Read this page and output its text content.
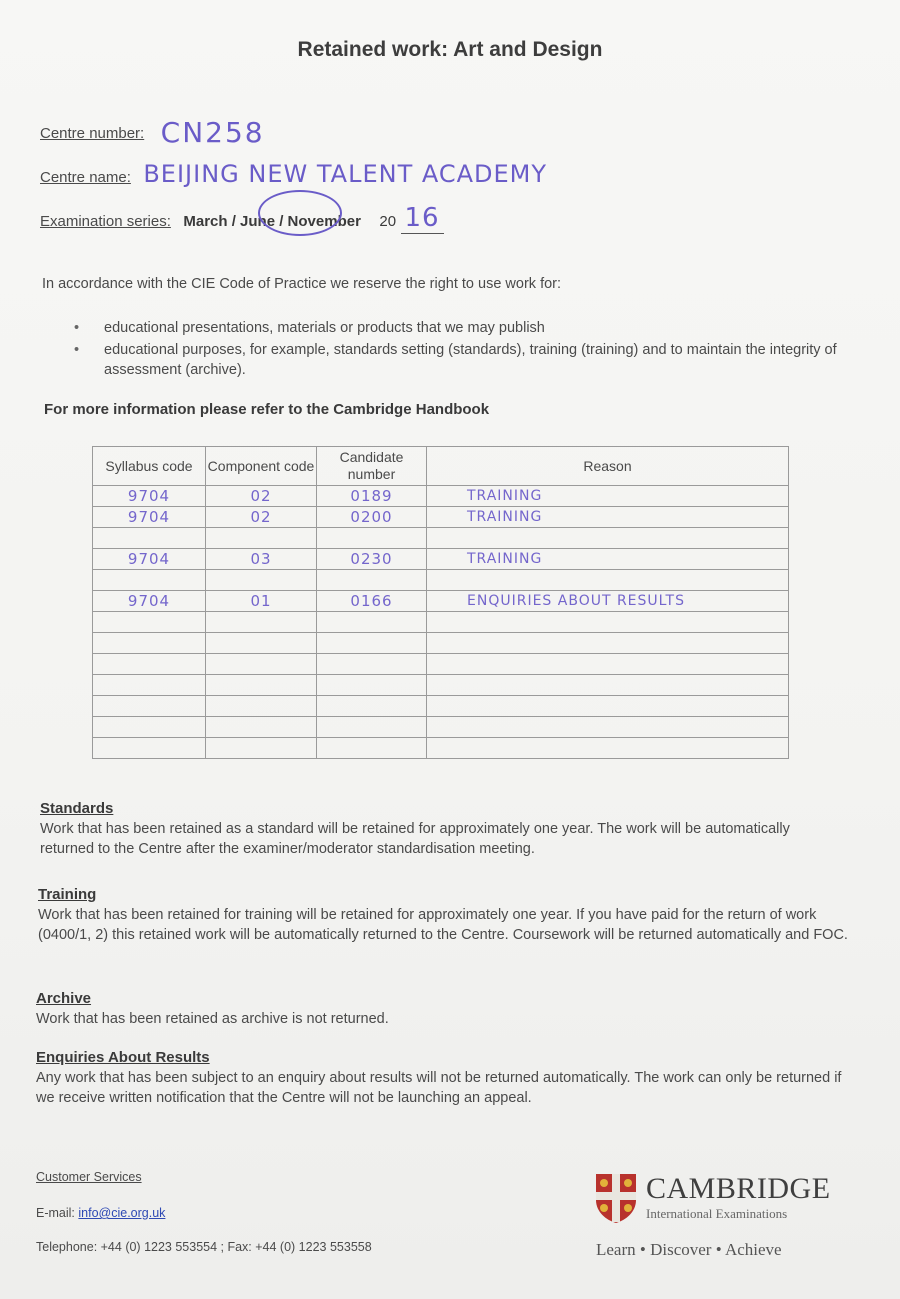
Retained work: Art and Design
Centre number: CN258
Centre name: BEIJING NEW TALENT ACADEMY
Examination series: March / June / November 20 16
In accordance with the CIE Code of Practice we reserve the right to use work for:
• educational presentations, materials or products that we may publish
• educational purposes, for example, standards setting (standards), training (training) and to maintain the integrity of assessment (archive).
For more information please refer to the Cambridge Handbook
Syllabus code	Component code	Candidate number	Reason
9704	02	0189	TRAINING
9704	02	0200	TRAINING

9704	03	0230	TRAINING

9704	01	0166	ENQUIRIES ABOUT RESULTS

Standards
Work that has been retained as a standard will be retained for approximately one year. The work will be automatically returned to the Centre after the examiner/moderator standardisation meeting.
Training
Work that has been retained for training will be retained for approximately one year. If you have paid for the return of work (0400/1, 2) this retained work will be automatically returned to the Centre. Coursework will be returned automatically and FOC.
Archive
Work that has been retained as archive is not returned.
Enquiries About Results
Any work that has been subject to an enquiry about results will not be returned automatically. The work can only be returned if we receive written notification that the Centre will not be launching an appeal.
Customer Services
E-mail: info@cie.org.uk
Telephone: +44 (0) 1223 553554 ; Fax: +44 (0) 1223 553558
CAMBRIDGE
International Examinations
Learn • Discover • Achieve
